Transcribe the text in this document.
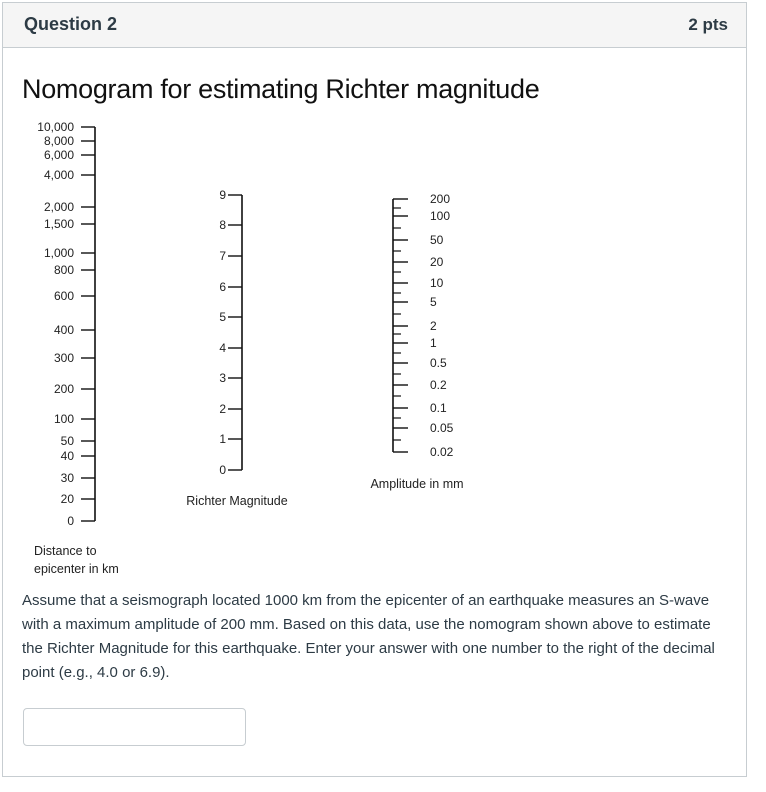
Question 2	2 pts
Nomogram for estimating Richter magnitude
10,000
8,000
6,000
4,000
2,000
1,500
1,000
800
600
400
300
200
100
50
40
30
20
0
9
8
7
6
5
4
3
2
1
0
200
100
50
20
10
5
2
1
0.5
0.2
0.1
0.05
0.02
Distance to
epicenter in km
Richter Magnitude
Amplitude in mm
Assume that a seismograph located 1000 km from the epicenter of an earthquake measures an S-wave with a maximum amplitude of 200 mm. Based on this data, use the nomogram shown above to estimate the Richter Magnitude for this earthquake. Enter your answer with one number to the right of the decimal point (e.g., 4.0 or 6.9).
